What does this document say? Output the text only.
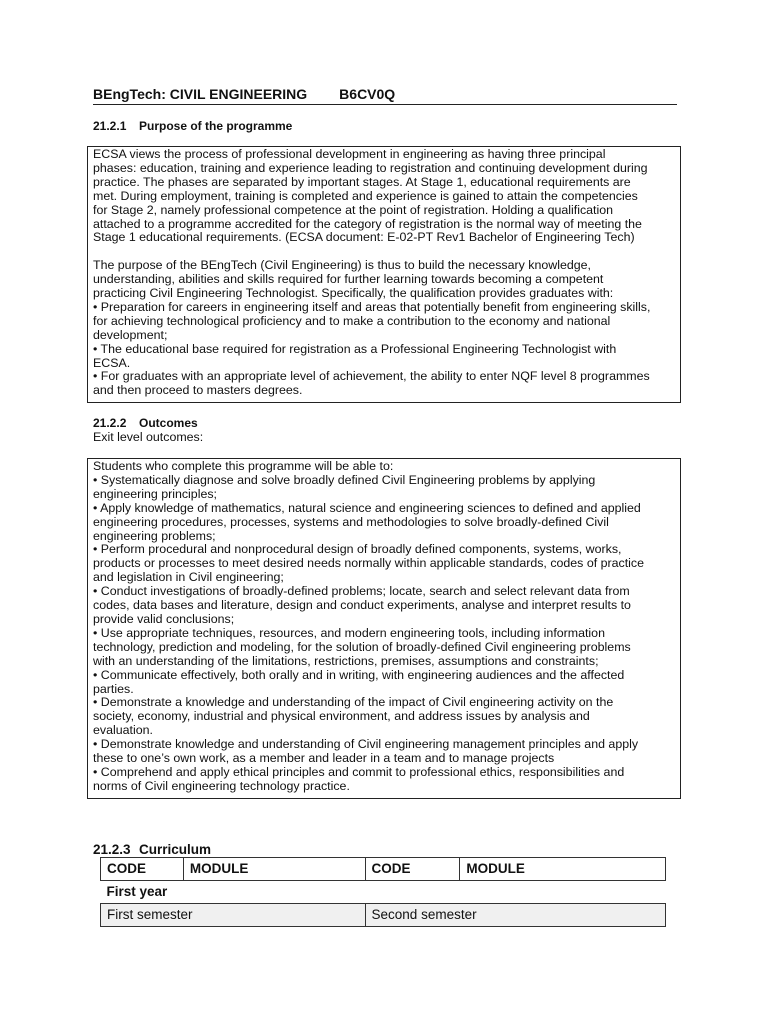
BEngTech: CIVIL ENGINEERING B6CV0Q
21.2.1 Purpose of the programme

ECSA views the process of professional development in engineering as having three principal
phases: education, training and experience leading to registration and continuing development during
practice. The phases are separated by important stages. At Stage 1, educational requirements are
met. During employment, training is completed and experience is gained to attain the competencies
for Stage 2, namely professional competence at the point of registration. Holding a qualification
attached to a programme accredited for the category of registration is the normal way of meeting the
Stage 1 educational requirements. (ECSA document: E-02-PT Rev1 Bachelor of Engineering Tech)

The purpose of the BEngTech (Civil Engineering) is thus to build the necessary knowledge,
understanding, abilities and skills required for further learning towards becoming a competent
practicing Civil Engineering Technologist. Specifically, the qualification provides graduates with:
• Preparation for careers in engineering itself and areas that potentially benefit from engineering skills,
for achieving technological proficiency and to make a contribution to the economy and national
development;
• The educational base required for registration as a Professional Engineering Technologist with
ECSA.
• For graduates with an appropriate level of achievement, the ability to enter NQF level 8 programmes
and then proceed to masters degrees.

21.2.2 Outcomes
Exit level outcomes:

Students who complete this programme will be able to:
• Systematically diagnose and solve broadly defined Civil Engineering problems by applying
engineering principles;
• Apply knowledge of mathematics, natural science and engineering sciences to defined and applied
engineering procedures, processes, systems and methodologies to solve broadly-defined Civil
engineering problems;
• Perform procedural and nonprocedural design of broadly defined components, systems, works,
products or processes to meet desired needs normally within applicable standards, codes of practice
and legislation in Civil engineering;
• Conduct investigations of broadly-defined problems; locate, search and select relevant data from
codes, data bases and literature, design and conduct experiments, analyse and interpret results to
provide valid conclusions;
• Use appropriate techniques, resources, and modern engineering tools, including information
technology, prediction and modeling, for the solution of broadly-defined Civil engineering problems
with an understanding of the limitations, restrictions, premises, assumptions and constraints;
• Communicate effectively, both orally and in writing, with engineering audiences and the affected
parties.
• Demonstrate a knowledge and understanding of the impact of Civil engineering activity on the
society, economy, industrial and physical environment, and address issues by analysis and
evaluation.
• Demonstrate knowledge and understanding of Civil engineering management principles and apply
these to one’s own work, as a member and leader in a team and to manage projects
• Comprehend and apply ethical principles and commit to professional ethics, responsibilities and
norms of Civil engineering technology practice.

21.2.3 Curriculum
CODE	MODULE	CODE	MODULE
First year			
First semester		Second semester	
